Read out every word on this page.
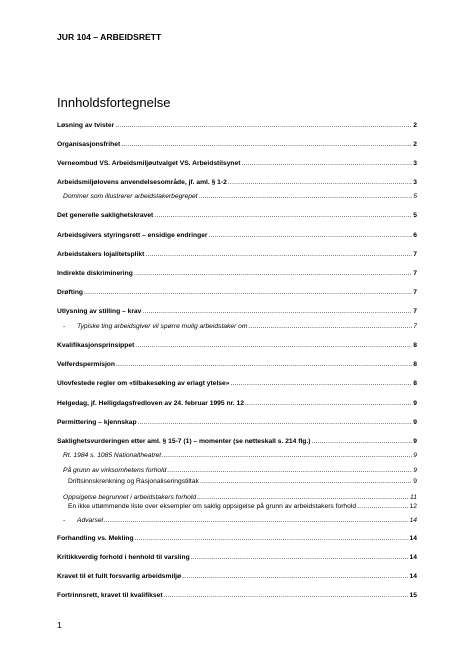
JUR 104 – ARBEIDSRETT
Innholdsfortegnelse
Løsning av tvister .....	2
Organisasjonsfrihet .....	2
Verneombud VS. Arbeidsmiljøutvalget VS. Arbeidstilsynet .....	3
Arbeidsmiljølovens anvendelsesområde, jf. aml. § 1-2 .....	3
Dommer som illustrerer arbeidstakerbegrepet .....	5
Det generelle saklighetskravet .....	5
Arbeidsgivers styringsrett – ensidige endringer .....	6
Arbeidstakers lojalitetsplikt .....	7
Indirekte diskriminering .....	7
Drøfting .....	7
Utlysning av stilling – krav .....	7
- Typiske ting arbeidsgiver vil spørre mulig arbeidstaker om .....	7
Kvalifikasjonsprinsippet .....	8
Velferdspermisjon .....	8
Ulovfestede regler om «tilbakesøking av erlagt ytelse» .....	8
Helgedag, jf. Helligdagsfredloven av 24. februar 1995 nr. 12 .....	9
Permittering – kjennskap .....	9
Saklighetsvurderingen etter aml. § 15-7 (1) – momenter (se nøtteskall s. 214 flg.) .....	9
Rt. 1984 s. 1085 Nationaltheatret .....	9
På grunn av virksomhetens forhold .....	9
Driftsinnskrenkning og Rasjonaliseringstiltak .....	9
Oppsigelse begrunnet i arbeidstakers forhold .....	11
En ikke uttømmende liste over eksempler om saklig oppsigelse på grunn av arbeidstakers forhold .....	12
- Advarsel .....	14
Forhandling vs. Mekling .....	14
Kritikkverdig forhold i henhold til varsling .....	14
Kravet til et fullt forsvarlig arbeidsmiljø .....	14
Fortrinnsrett, kravet til kvalifikset .....	15
1
